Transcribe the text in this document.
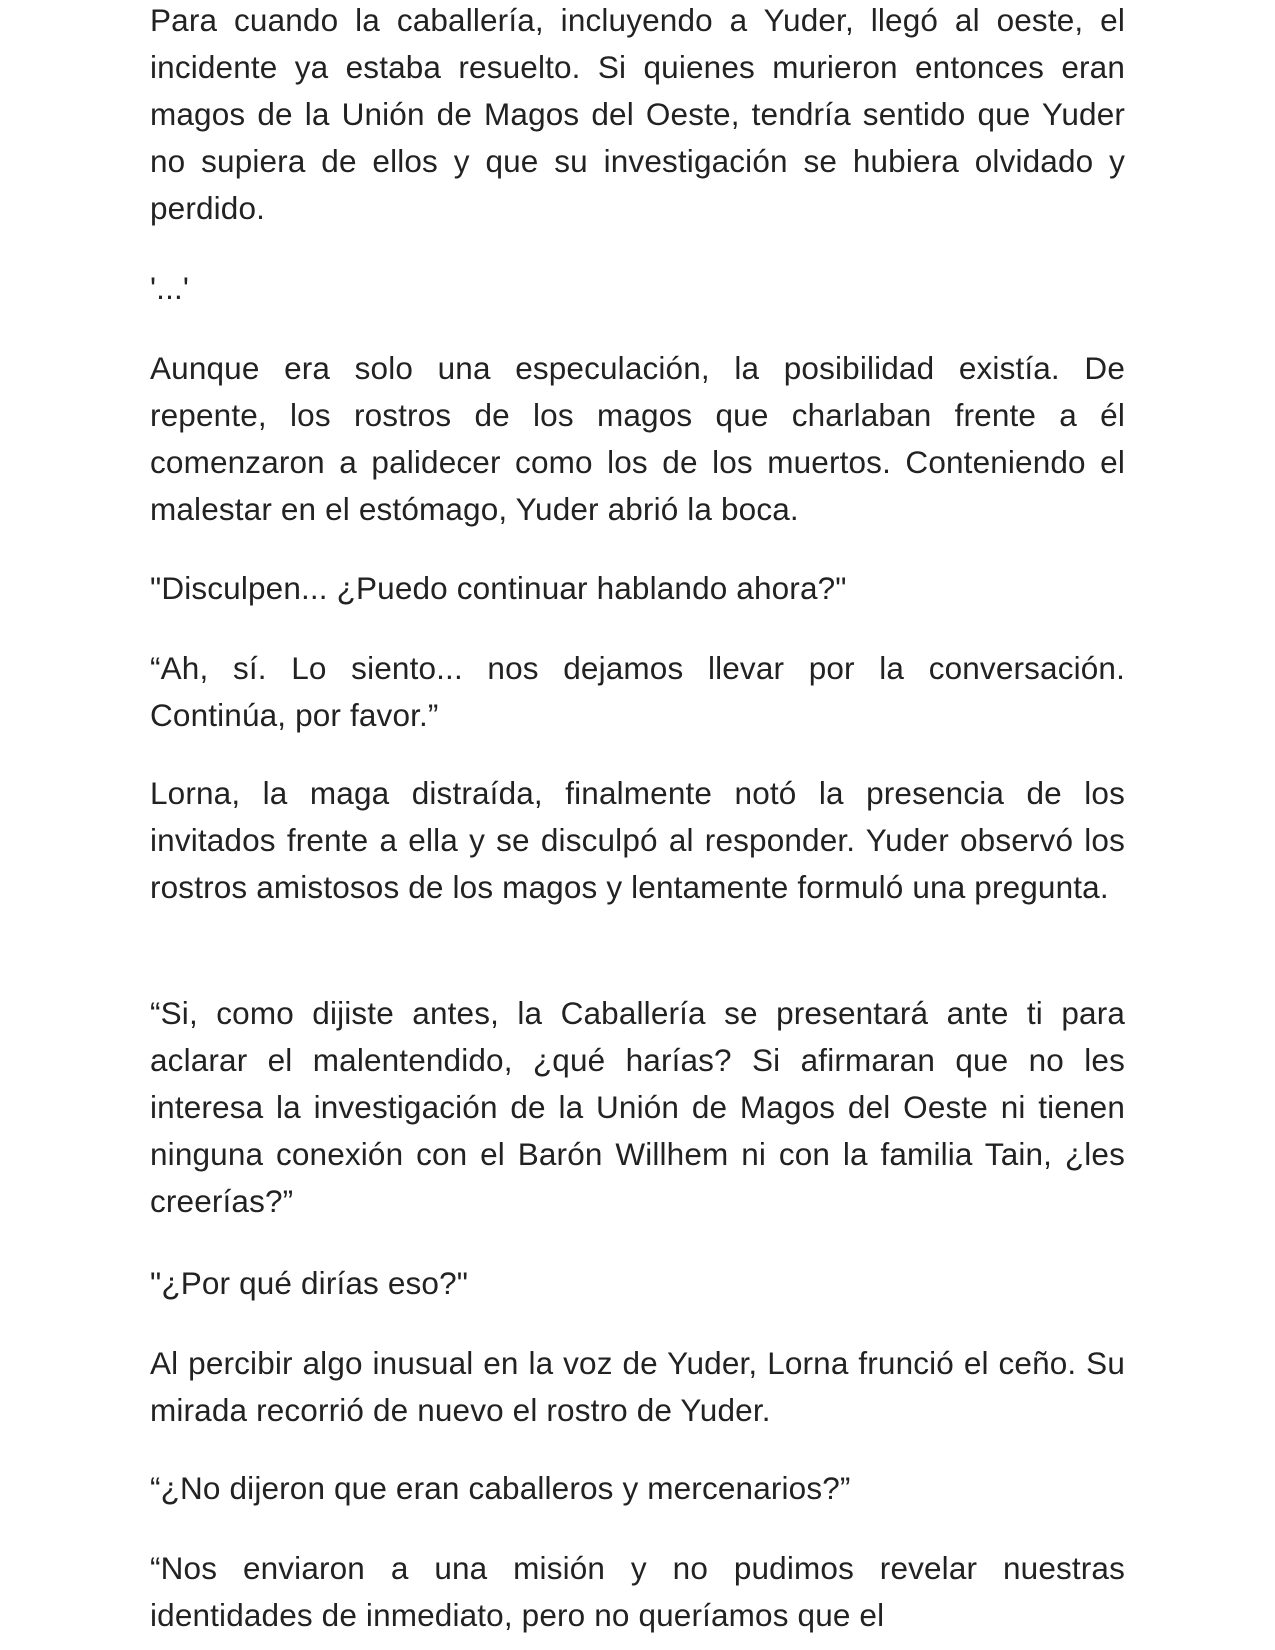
Para cuando la caballería, incluyendo a Yuder, llegó al oeste, el incidente ya estaba resuelto. Si quienes murieron entonces eran magos de la Unión de Magos del Oeste, tendría sentido que Yuder no supiera de ellos y que su investigación se hubiera olvidado y perdido.

'...'

Aunque era solo una especulación, la posibilidad existía. De repente, los rostros de los magos que charlaban frente a él comenzaron a palidecer como los de los muertos. Conteniendo el malestar en el estómago, Yuder abrió la boca.

"Disculpen... ¿Puedo continuar hablando ahora?"

“Ah, sí. Lo siento... nos dejamos llevar por la conversación. Continúa, por favor.”

Lorna, la maga distraída, finalmente notó la presencia de los invitados frente a ella y se disculpó al responder. Yuder observó los rostros amistosos de los magos y lentamente formuló una pregunta.

“Si, como dijiste antes, la Caballería se presentará ante ti para aclarar el malentendido, ¿qué harías? Si afirmaran que no les interesa la investigación de la Unión de Magos del Oeste ni tienen ninguna conexión con el Barón Willhem ni con la familia Tain, ¿les creerías?”

"¿Por qué dirías eso?"

Al percibir algo inusual en la voz de Yuder, Lorna frunció el ceño. Su mirada recorrió de nuevo el rostro de Yuder.

“¿No dijeron que eran caballeros y mercenarios?”

“Nos enviaron a una misión y no pudimos revelar nuestras identidades de inmediato, pero no queríamos que el
